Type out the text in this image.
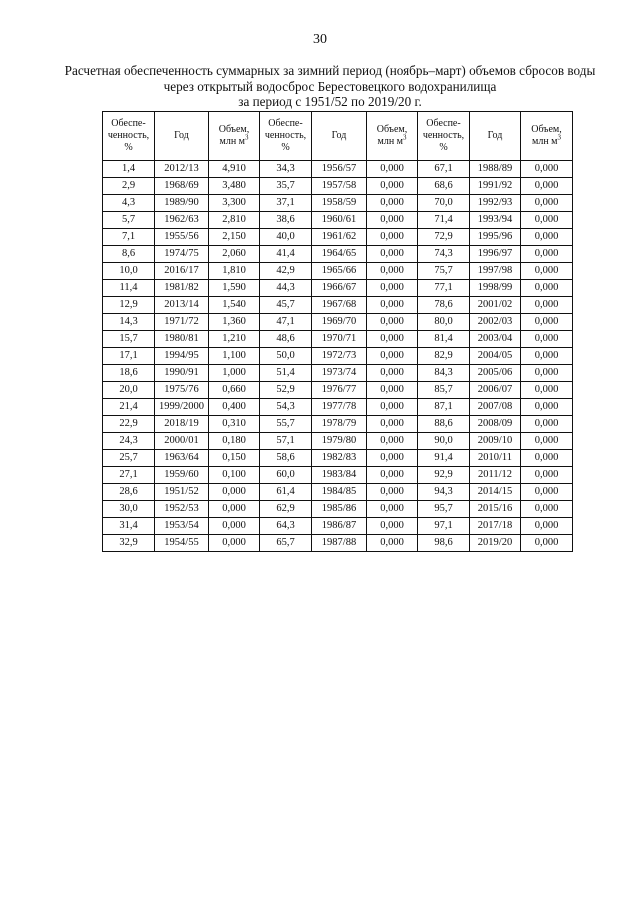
30
Расчетная обеспеченность суммарных за зимний период (ноябрь–март) объемов сбросов воды
через открытый водосброс Берестовецкого водохранилища
за период с 1951/52 по 2019/20 г.
Обеспе-
ченность,
%	Год	Объем,
млн $м^3$	Обеспе-
ченность,
%	Год	Объем,
млн $м^3$	Обеспе-
ченность,
%	Год	Объем,
млн $м^3$
1,4	2012/13	4,910	34,3	1956/57	0,000	67,1	1988/89	0,000
2,9	1968/69	3,480	35,7	1957/58	0,000	68,6	1991/92	0,000
4,3	1989/90	3,300	37,1	1958/59	0,000	70,0	1992/93	0,000
5,7	1962/63	2,810	38,6	1960/61	0,000	71,4	1993/94	0,000
7,1	1955/56	2,150	40,0	1961/62	0,000	72,9	1995/96	0,000
8,6	1974/75	2,060	41,4	1964/65	0,000	74,3	1996/97	0,000
10,0	2016/17	1,810	42,9	1965/66	0,000	75,7	1997/98	0,000
11,4	1981/82	1,590	44,3	1966/67	0,000	77,1	1998/99	0,000
12,9	2013/14	1,540	45,7	1967/68	0,000	78,6	2001/02	0,000
14,3	1971/72	1,360	47,1	1969/70	0,000	80,0	2002/03	0,000
15,7	1980/81	1,210	48,6	1970/71	0,000	81,4	2003/04	0,000
17,1	1994/95	1,100	50,0	1972/73	0,000	82,9	2004/05	0,000
18,6	1990/91	1,000	51,4	1973/74	0,000	84,3	2005/06	0,000
20,0	1975/76	0,660	52,9	1976/77	0,000	85,7	2006/07	0,000
21,4	1999/2000	0,400	54,3	1977/78	0,000	87,1	2007/08	0,000
22,9	2018/19	0,310	55,7	1978/79	0,000	88,6	2008/09	0,000
24,3	2000/01	0,180	57,1	1979/80	0,000	90,0	2009/10	0,000
25,7	1963/64	0,150	58,6	1982/83	0,000	91,4	2010/11	0,000
27,1	1959/60	0,100	60,0	1983/84	0,000	92,9	2011/12	0,000
28,6	1951/52	0,000	61,4	1984/85	0,000	94,3	2014/15	0,000
30,0	1952/53	0,000	62,9	1985/86	0,000	95,7	2015/16	0,000
31,4	1953/54	0,000	64,3	1986/87	0,000	97,1	2017/18	0,000
32,9	1954/55	0,000	65,7	1987/88	0,000	98,6	2019/20	0,000
